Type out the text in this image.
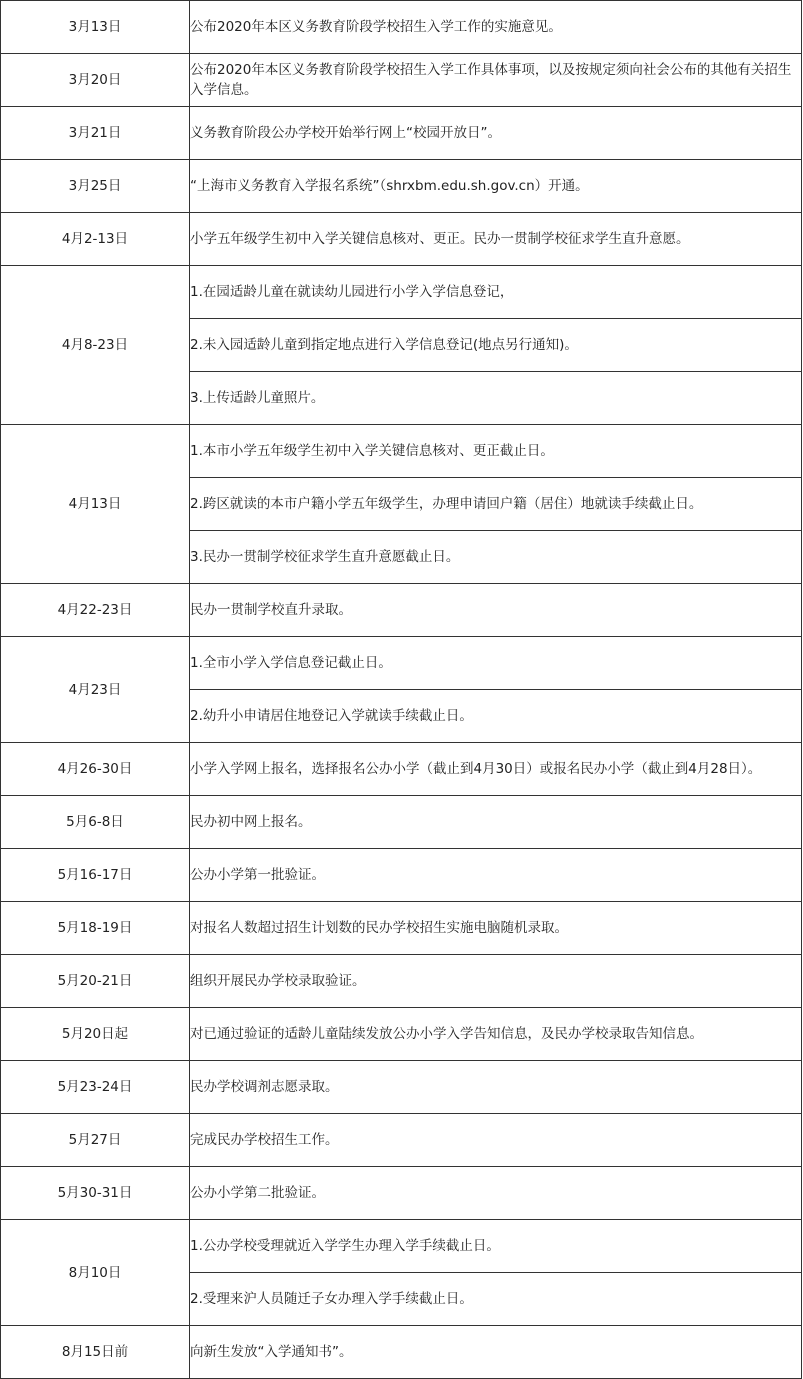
3月13日	公布2020年本区义务教育阶段学校招生入学工作的实施意见。
3月20日	公布2020年本区义务教育阶段学校招生入学工作具体事项，以及按规定须向社会公布的其他有关招生入学信息。
3月21日	义务教育阶段公办学校开始举行网上“校园开放日”。
3月25日	“上海市义务教育入学报名系统”（shrxbm.edu.sh.gov.cn）开通。
4月2-13日	小学五年级学生初中入学关键信息核对、更正。民办一贯制学校征求学生直升意愿。
4月8-23日	1.在园适龄儿童在就读幼儿园进行小学入学信息登记，
	2.未入园适龄儿童到指定地点进行入学信息登记(地点另行通知)。
	3.上传适龄儿童照片。
4月13日	1.本市小学五年级学生初中入学关键信息核对、更正截止日。
	2.跨区就读的本市户籍小学五年级学生，办理申请回户籍（居住）地就读手续截止日。
	3.民办一贯制学校征求学生直升意愿截止日。
4月22-23日	民办一贯制学校直升录取。
4月23日	1.全市小学入学信息登记截止日。
	2.幼升小申请居住地登记入学就读手续截止日。
4月26-30日	小学入学网上报名，选择报名公办小学（截止到4月30日）或报名民办小学（截止到4月28日）。
5月6-8日	民办初中网上报名。
5月16-17日	公办小学第一批验证。
5月18-19日	对报名人数超过招生计划数的民办学校招生实施电脑随机录取。
5月20-21日	组织开展民办学校录取验证。
5月20日起	对已通过验证的适龄儿童陆续发放公办小学入学告知信息，及民办学校录取告知信息。
5月23-24日	民办学校调剂志愿录取。
5月27日	完成民办学校招生工作。
5月30-31日	公办小学第二批验证。
8月10日	1.公办学校受理就近入学学生办理入学手续截止日。
	2.受理来沪人员随迁子女办理入学手续截止日。
8月15日前	向新生发放“入学通知书”。
